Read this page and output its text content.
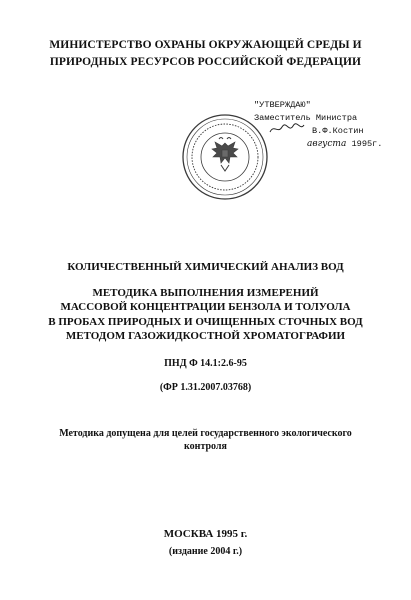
МИНИСТЕРСТВО ОХРАНЫ ОКРУЖАЮЩЕЙ СРЕДЫ И
ПРИРОДНЫХ РЕСУРСОВ РОССИЙСКОЙ ФЕДЕРАЦИИ
"УТВЕРЖДАЮ"
Заместитель Министра
В.Ф.Костин
августа 1995г.
КОЛИЧЕСТВЕННЫЙ ХИМИЧЕСКИЙ АНАЛИЗ ВОД
МЕТОДИКА ВЫПОЛНЕНИЯ ИЗМЕРЕНИЙ
МАССОВОЙ КОНЦЕНТРАЦИИ БЕНЗОЛА И ТОЛУОЛА
В ПРОБАХ ПРИРОДНЫХ И ОЧИЩЕННЫХ СТОЧНЫХ ВОД
МЕТОДОМ ГАЗОЖИДКОСТНОЙ ХРОМАТОГРАФИИ
ПНД Ф 14.1:2.6-95
(ФР 1.31.2007.03768)
Методика допущена для целей государственного экологического
контроля
МОСКВА 1995 г.
(издание 2004 г.)
